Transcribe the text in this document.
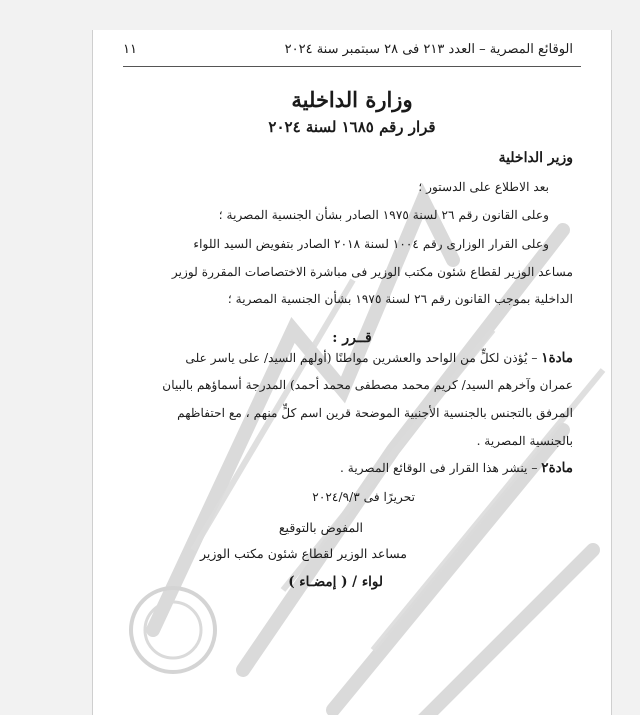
الوقائع المصرية – العدد ٢١٣ فى ٢٨ سبتمبر سنة ٢٠٢٤
١١
وزارة الداخلية
قرار رقم ١٦٨٥ لسنة ٢٠٢٤
وزير الداخلية
بعد الاطلاع على الدستور ؛
وعلى القانون رقم ٢٦ لسنة ١٩٧٥ الصادر بشأن الجنسية المصرية ؛
وعلى القرار الوزارى رقم ١٠٠٤ لسنة ٢٠١٨ الصادر بتفويض السيد اللواء
مساعد الوزير لقطاع شئون مكتب الوزير فى مباشرة الاختصاصات المقررة لوزير
الداخلية بموجب القانون رقم ٢٦ لسنة ١٩٧٥ بشأن الجنسية المصرية ؛
قــرر :
مادة١ – يُؤذن لكلٍّ من الواحد والعشرين مواطنًا (أولهم السيد/ على ياسر على
عمران وآخرهم السيد/ كريم محمد مصطفى محمد أحمد) المدرجة أسماؤهم بالبيان
المرفق بالتجنس بالجنسية الأجنبية الموضحة قرين اسم كلٍّ منهم ، مع احتفاظهم
بالجنسية المصرية .
مادة٢ – ينشر هذا القرار فى الوقائع المصرية .
تحريرًا فى ٢٠٢٤/٩/٣
المفوض بالتوقيع
مساعد الوزير لقطاع شئون مكتب الوزير
لواء / ( إمضـاء )
